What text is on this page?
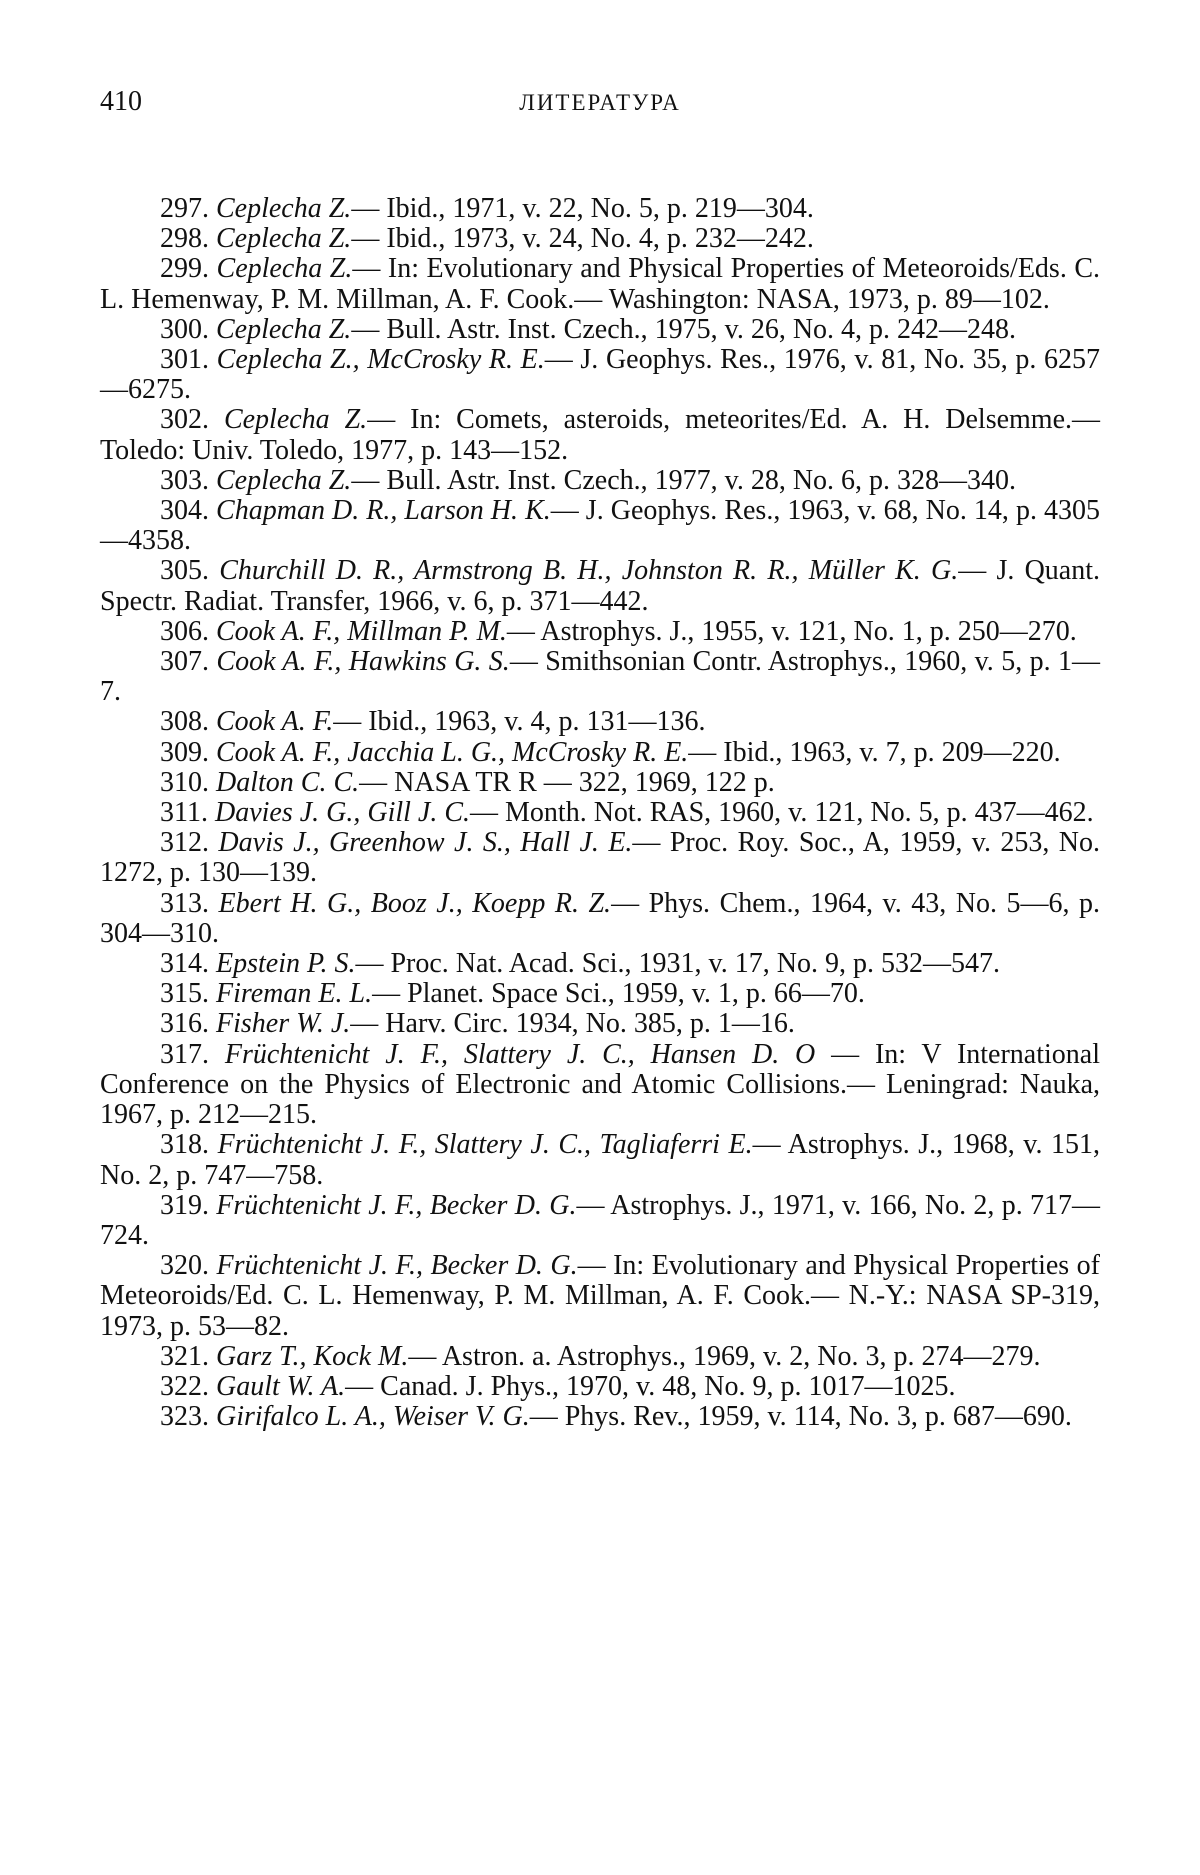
410	ЛИТЕРАТУРА

297. Ceplecha Z.— Ibid., 1971, v. 22, No. 5, p. 219—304.

298. Ceplecha Z.— Ibid., 1973, v. 24, No. 4, p. 232—242.

299. Ceplecha Z.— In: Evolutionary and Physical Properties of Meteoroids/Eds. C. L. Hemenway, P. M. Millman, A. F. Cook.— Washington: NASA, 1973, p. 89—102.

300. Ceplecha Z.— Bull. Astr. Inst. Czech., 1975, v. 26, No. 4, p. 242—248.

301. Ceplecha Z., McCrosky R. E.— J. Geophys. Res., 1976, v. 81, No. 35, p. 6257—6275.

302. Ceplecha Z.— In: Comets, asteroids, meteorites/Ed. A. H. Delsemme.— Toledo: Univ. Toledo, 1977, p. 143—152.

303. Ceplecha Z.— Bull. Astr. Inst. Czech., 1977, v. 28, No. 6, p. 328—340.

304. Chapman D. R., Larson H. K.— J. Geophys. Res., 1963, v. 68, No. 14, p. 4305—4358.

305. Churchill D. R., Armstrong B. H., Johnston R. R., Müller K. G.— J. Quant. Spectr. Radiat. Transfer, 1966, v. 6, p. 371—442.

306. Cook A. F., Millman P. M.— Astrophys. J., 1955, v. 121, No. 1, p. 250—270.

307. Cook A. F., Hawkins G. S.— Smithsonian Contr. Astrophys., 1960, v. 5, p. 1—7.

308. Cook A. F.— Ibid., 1963, v. 4, p. 131—136.

309. Cook A. F., Jacchia L. G., McCrosky R. E.— Ibid., 1963, v. 7, p. 209—220.

310. Dalton C. C.— NASA TR R — 322, 1969, 122 p.

311. Davies J. G., Gill J. C.— Month. Not. RAS, 1960, v. 121, No. 5, p. 437—462.

312. Davis J., Greenhow J. S., Hall J. E.— Proc. Roy. Soc., A, 1959, v. 253, No. 1272, p. 130—139.

313. Ebert H. G., Booz J., Koepp R. Z.— Phys. Chem., 1964, v. 43, No. 5—6, p. 304—310.

314. Epstein P. S.— Proc. Nat. Acad. Sci., 1931, v. 17, No. 9, p. 532—547.

315. Fireman E. L.— Planet. Space Sci., 1959, v. 1, p. 66—70.

316. Fisher W. J.— Harv. Circ. 1934, No. 385, p. 1—16.

317. Früchtenicht J. F., Slattery J. C., Hansen D. O — In: V International Conference on the Physics of Electronic and Atomic Collisions.— Leningrad: Nauka, 1967, p. 212—215.

318. Früchtenicht J. F., Slattery J. C., Tagliaferri E.— Astrophys. J., 1968, v. 151, No. 2, p. 747—758.

319. Früchtenicht J. F., Becker D. G.— Astrophys. J., 1971, v. 166, No. 2, p. 717—724.

320. Früchtenicht J. F., Becker D. G.— In: Evolutionary and Physical Properties of Meteoroids/Ed. C. L. Hemenway, P. M. Millman, A. F. Cook.— N.-Y.: NASA SP-319, 1973, p. 53—82.

321. Garz T., Kock M.— Astron. a. Astrophys., 1969, v. 2, No. 3, p. 274—279.

322. Gault W. A.— Canad. J. Phys., 1970, v. 48, No. 9, p. 1017—1025.

323. Girifalco L. A., Weiser V. G.— Phys. Rev., 1959, v. 114, No. 3, p. 687—690.
